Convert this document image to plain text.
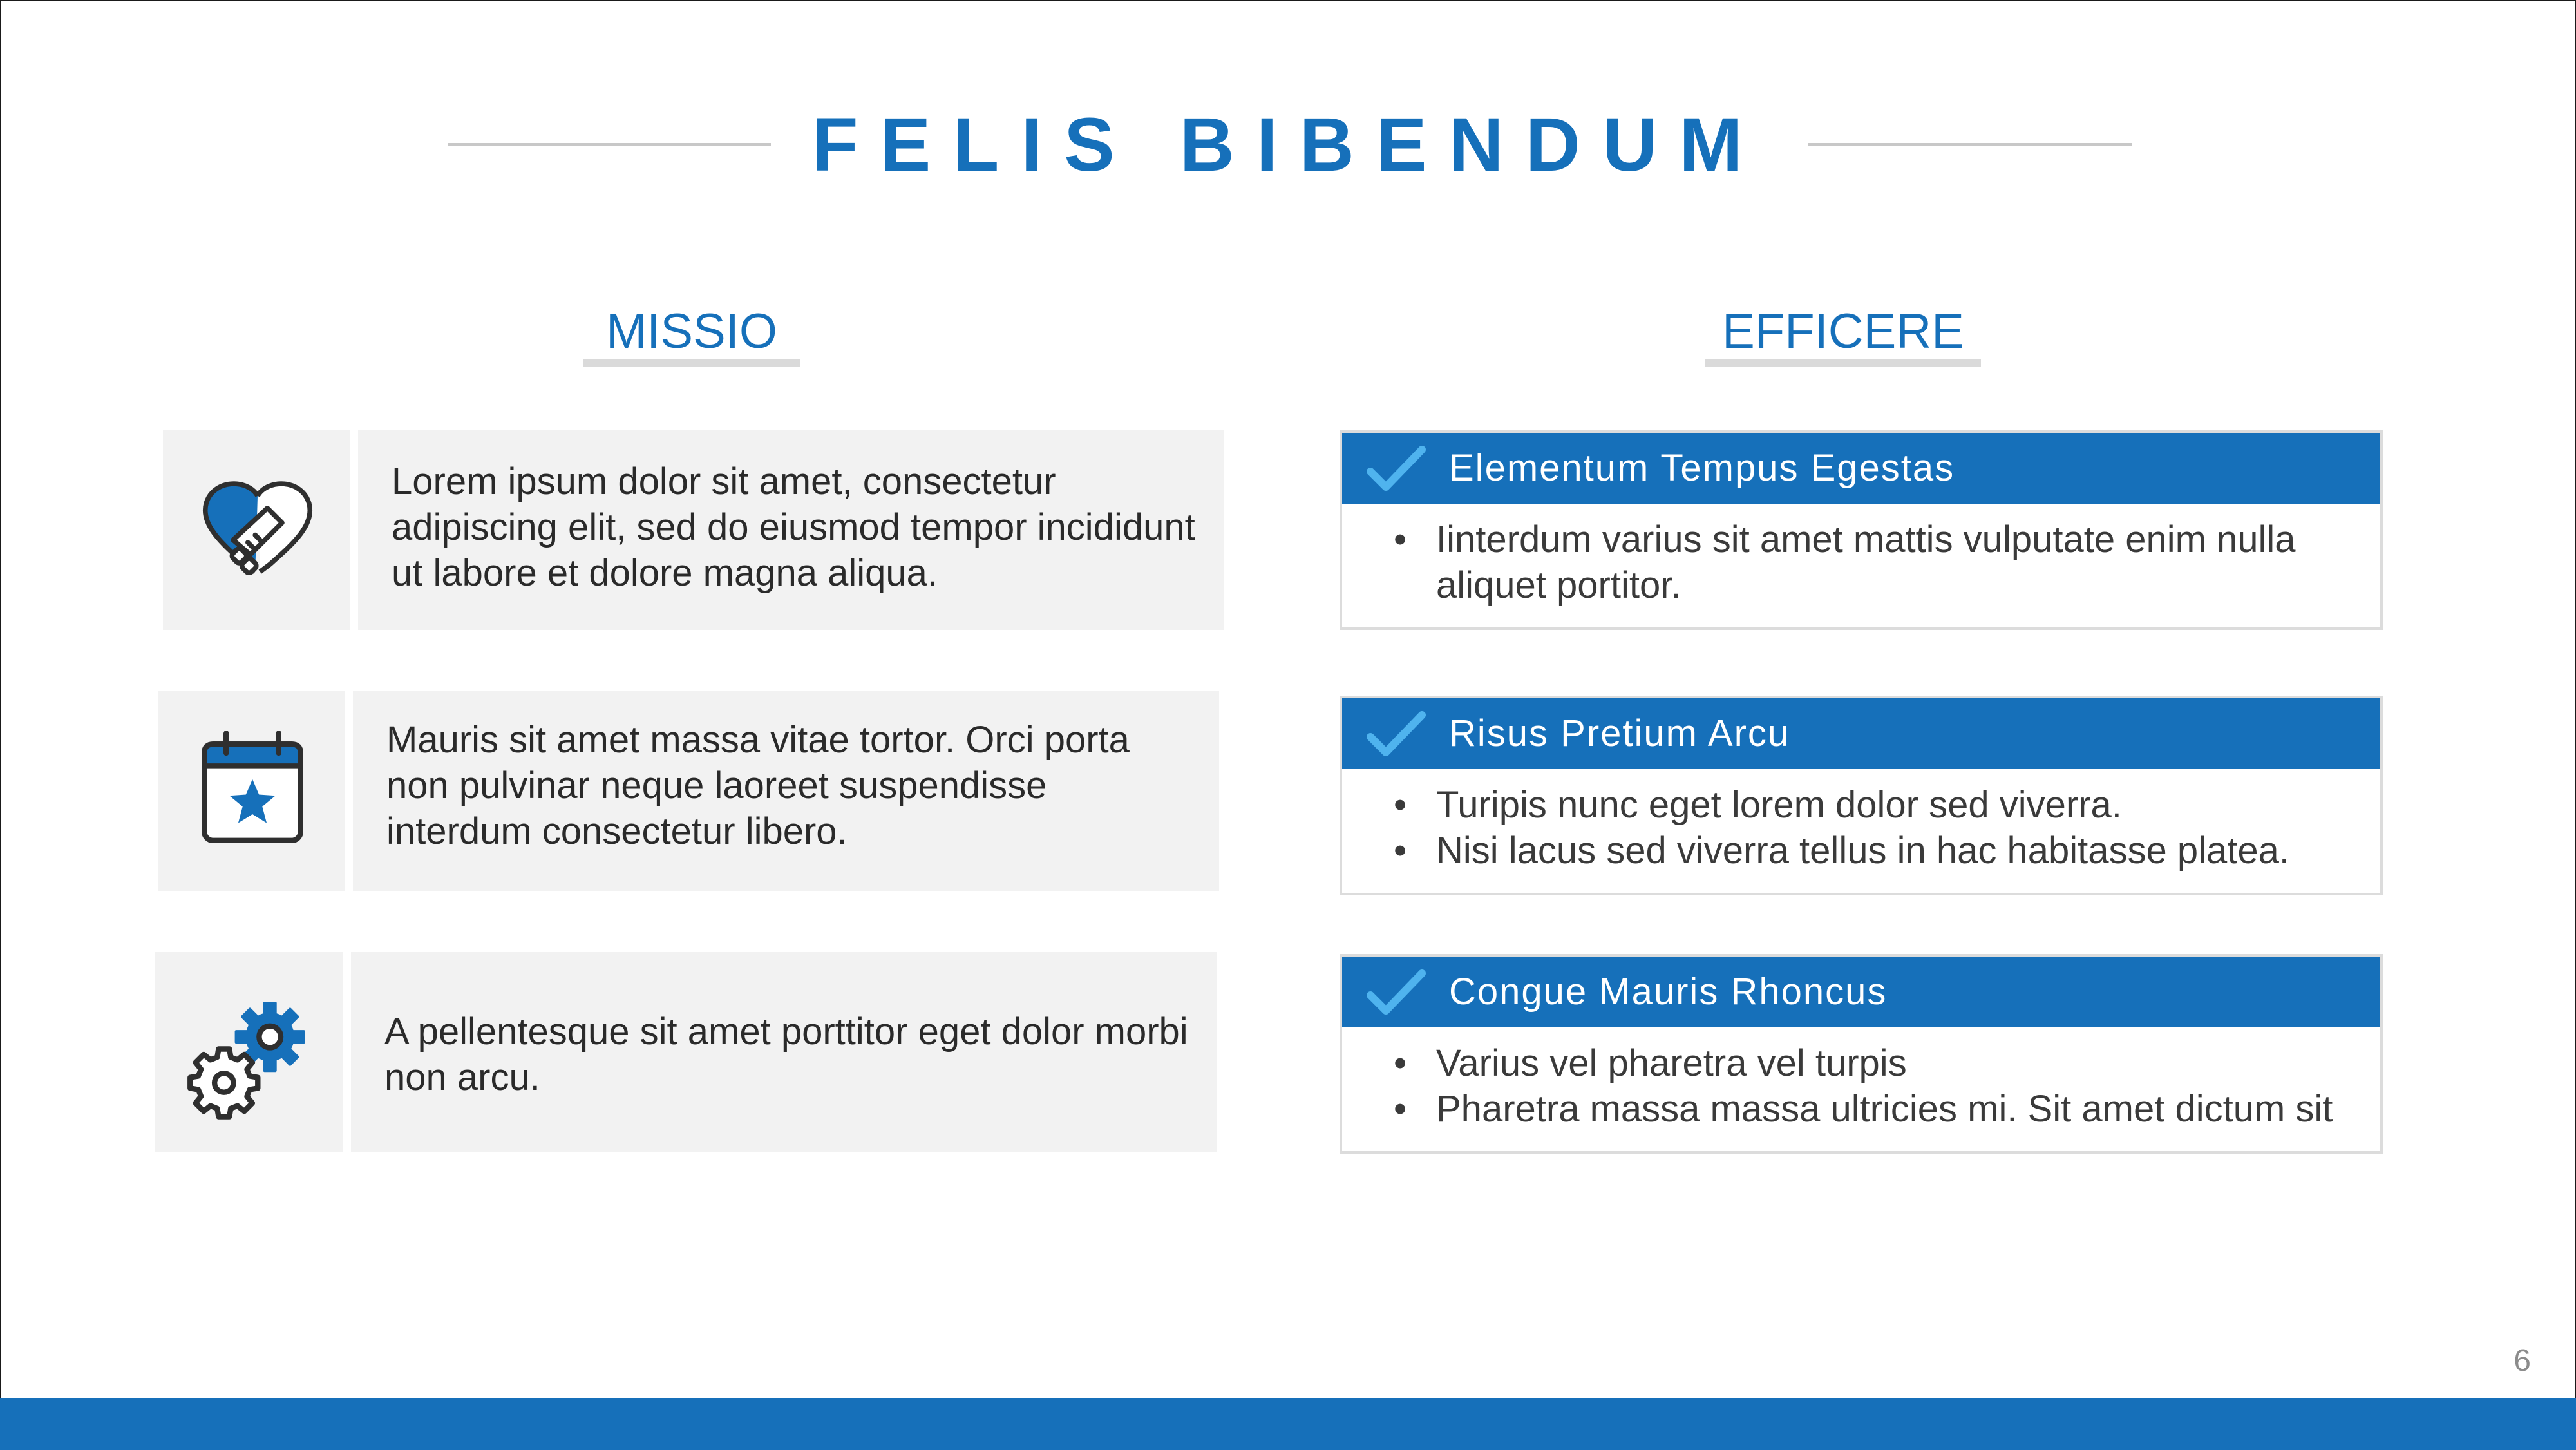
FELIS BIBENDUM
MISSIO	EFFICERE

Lorem ipsum dolor sit amet, consectetur adipiscing elit, sed do eiusmod tempor incididunt ut labore et dolore magna aliqua.

Mauris sit amet massa vitae tortor. Orci porta non pulvinar neque laoreet suspendisse interdum consectetur libero.

A pellentesque sit amet porttitor eget dolor morbi non arcu.

Elementum Tempus Egestas
• Iinterdum varius sit amet mattis vulputate enim nulla aliquet portitor.
Risus Pretium Arcu
• Turipis nunc eget lorem dolor sed viverra.
• Nisi lacus sed viverra tellus in hac habitasse platea.
Congue Mauris Rhoncus
• Varius vel pharetra vel turpis
• Pharetra massa massa ultricies mi. Sit amet dictum sit
6
